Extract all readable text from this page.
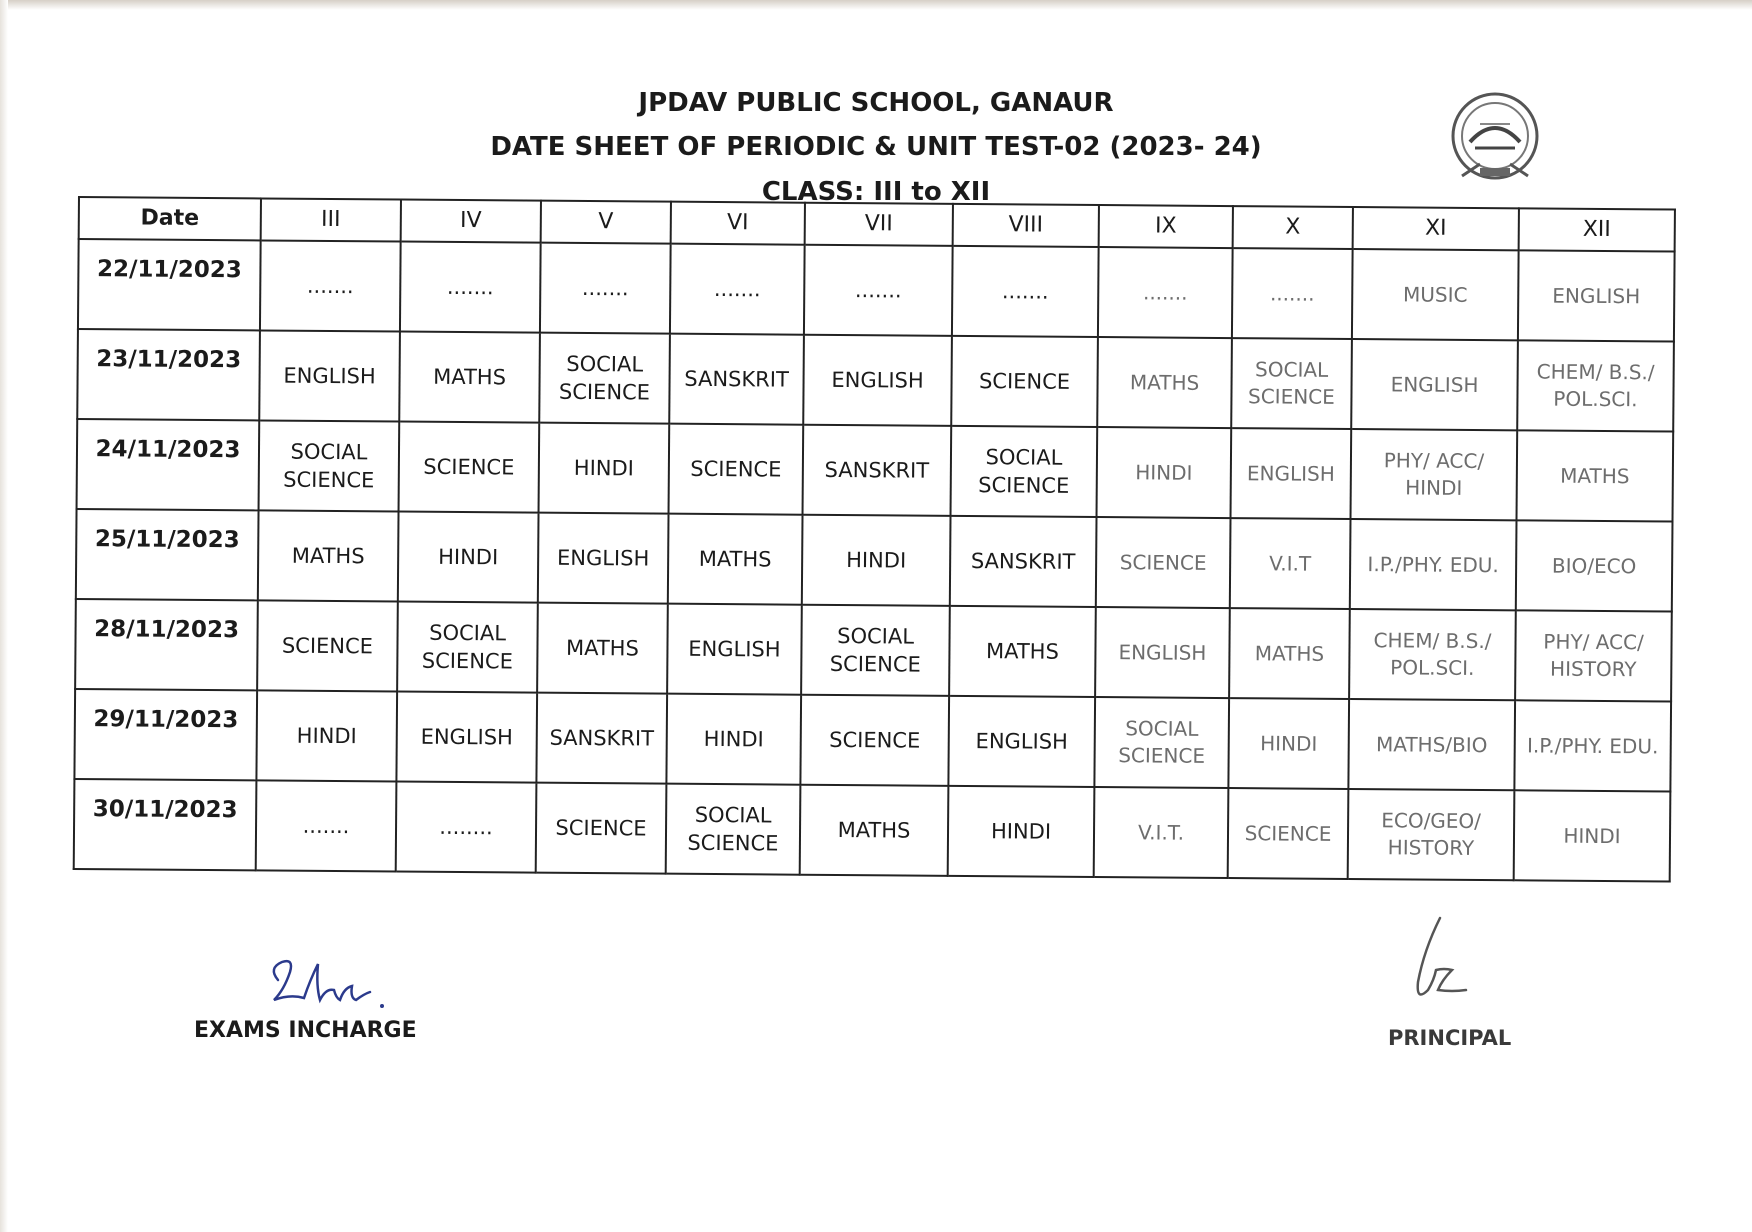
JPDAV PUBLIC SCHOOL, GANAUR
DATE SHEET OF PERIODIC & UNIT TEST-02 (2023- 24)
CLASS: III to XII
Date	III	IV	V	VI	VII	VIII	IX	X	XI	XII
22/11/2023	.......	.......	.......	.......	.......	.......	.......	.......	MUSIC	ENGLISH
23/11/2023	ENGLISH	MATHS	SOCIAL SCIENCE	SANSKRIT	ENGLISH	SCIENCE	MATHS	SOCIAL SCIENCE	ENGLISH	CHEM/ B.S./ POL.SCI.
24/11/2023	SOCIAL SCIENCE	SCIENCE	HINDI	SCIENCE	SANSKRIT	SOCIAL SCIENCE	HINDI	ENGLISH	PHY/ ACC/ HINDI	MATHS
25/11/2023	MATHS	HINDI	ENGLISH	MATHS	HINDI	SANSKRIT	SCIENCE	V.I.T	I.P./PHY. EDU.	BIO/ECO
28/11/2023	SCIENCE	SOCIAL SCIENCE	MATHS	ENGLISH	SOCIAL SCIENCE	MATHS	ENGLISH	MATHS	CHEM/ B.S./ POL.SCI.	PHY/ ACC/ HISTORY
29/11/2023	HINDI	ENGLISH	SANSKRIT	HINDI	SCIENCE	ENGLISH	SOCIAL SCIENCE	HINDI	MATHS/BIO	I.P./PHY. EDU.
30/11/2023	.......	........	SCIENCE	SOCIAL SCIENCE	MATHS	HINDI	V.I.T.	SCIENCE	ECO/GEO/ HISTORY	HINDI
EXAMS INCHARGE	PRINCIPAL
